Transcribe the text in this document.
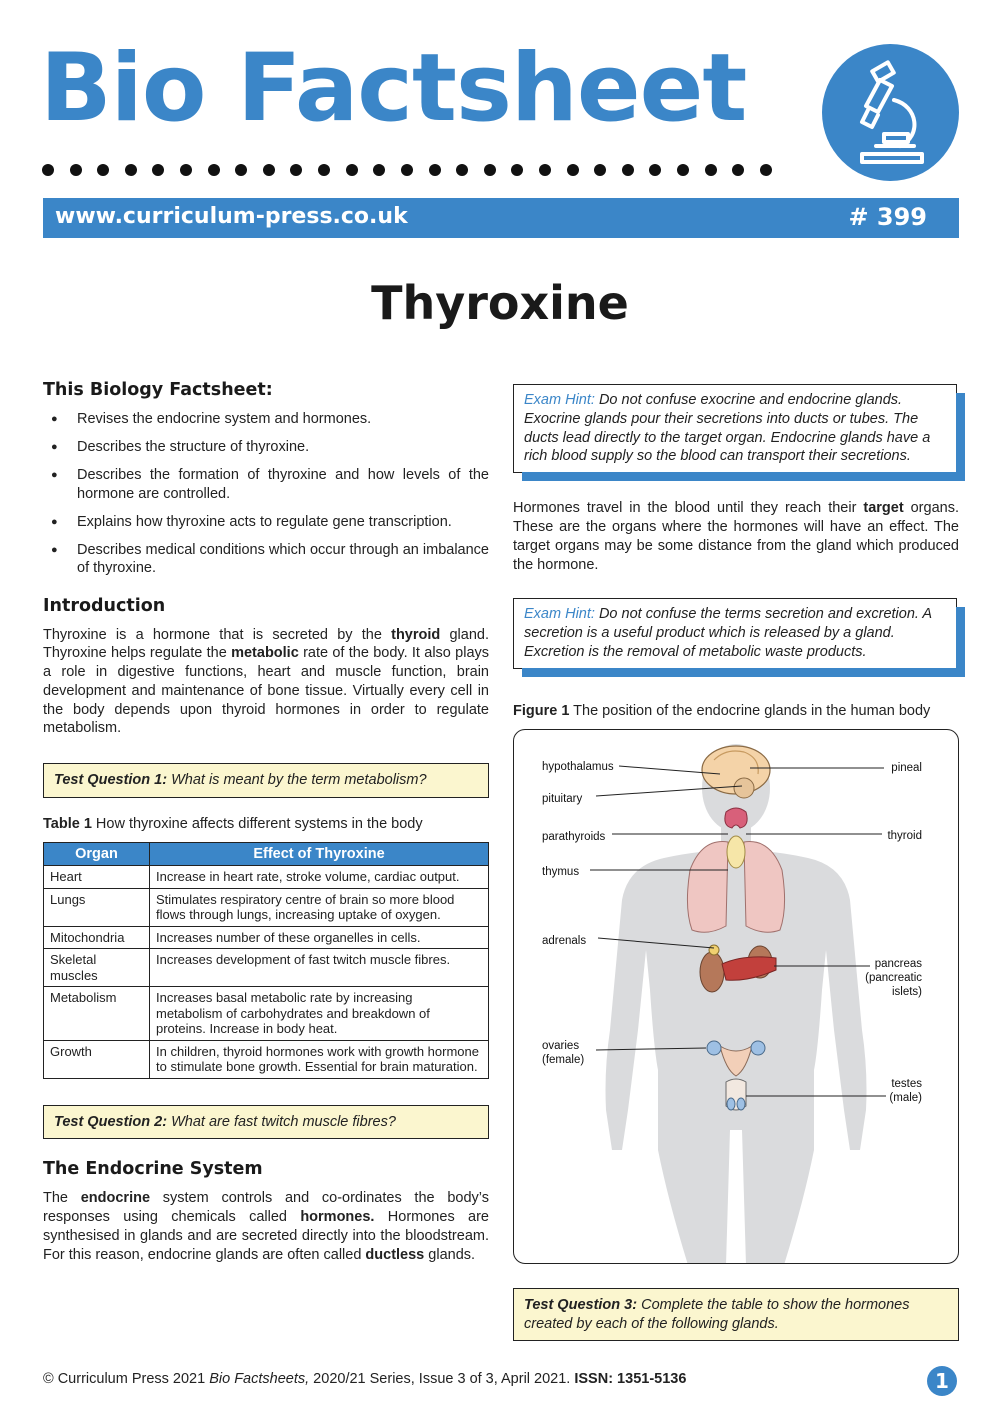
Bio Factsheet
www.curriculum-press.co.uk	# 399
Thyroxine
This Biology Factsheet:
● Revises the endocrine system and hormones.
● Describes the structure of thyroxine.
● Describes the formation of thyroxine and how levels of the hormone are controlled.
● Explains how thyroxine acts to regulate gene transcription.
● Describes medical conditions which occur through an imbalance of thyroxine.
Introduction

Thyroxine is a hormone that is secreted by the thyroid gland. Thyroxine helps regulate the metabolic rate of the body. It also plays a role in digestive functions, heart and muscle function, brain development and maintenance of bone tissue. Virtually every cell in the body depends upon thyroid hormones in order to regulate metabolism.

Test Question 1: What is meant by the term metabolism?
Table 1 How thyroxine affects different systems in the body
Organ	Effect of Thyroxine
Heart	Increase in heart rate, stroke volume, cardiac output.
Lungs	Stimulates respiratory centre of brain so more blood flows through lungs, increasing uptake of oxygen.
Mitochondria	Increases number of these organelles in cells.
Skeletal muscles	Increases development of fast twitch muscle fibres.
Metabolism	Increases basal metabolic rate by increasing metabolism of carbohydrates and breakdown of proteins. Increase in body heat.
Growth	In children, thyroid hormones work with growth hormone to stimulate bone growth. Essential for brain maturation.
Test Question 2: What are fast twitch muscle fibres?
The Endocrine System

The endocrine system controls and co-ordinates the body’s responses using chemicals called hormones. Hormones are synthesised in glands and are secreted directly into the bloodstream. For this reason, endocrine glands are often called ductless glands.

Exam Hint: Do not confuse exocrine and endocrine glands. Exocrine glands pour their secretions into ducts or tubes. The ducts lead directly to the target organ. Endocrine glands have a rich blood supply so the blood can transport their secretions.

Hormones travel in the blood until they reach their target organs. These are the organs where the hormones will have an effect. The target organs may be some distance from the gland which produced the hormone.

Exam Hint: Do not confuse the terms secretion and excretion. A secretion is a useful product which is released by a gland. Excretion is the removal of metabolic waste products.
Figure 1 The position of the endocrine glands in the human body
hypothalamus
pituitary
parathyroids
thymus
adrenals
ovaries
(female)
pineal
thyroid
pancreas
(pancreatic
islets)
testes
(male)
Test Question 3: Complete the table to show the hormones created by each of the following glands.
© Curriculum Press 2021 Bio Factsheets, 2020/21 Series, Issue 3 of 3, April 2021. ISSN: 1351-5136	1
